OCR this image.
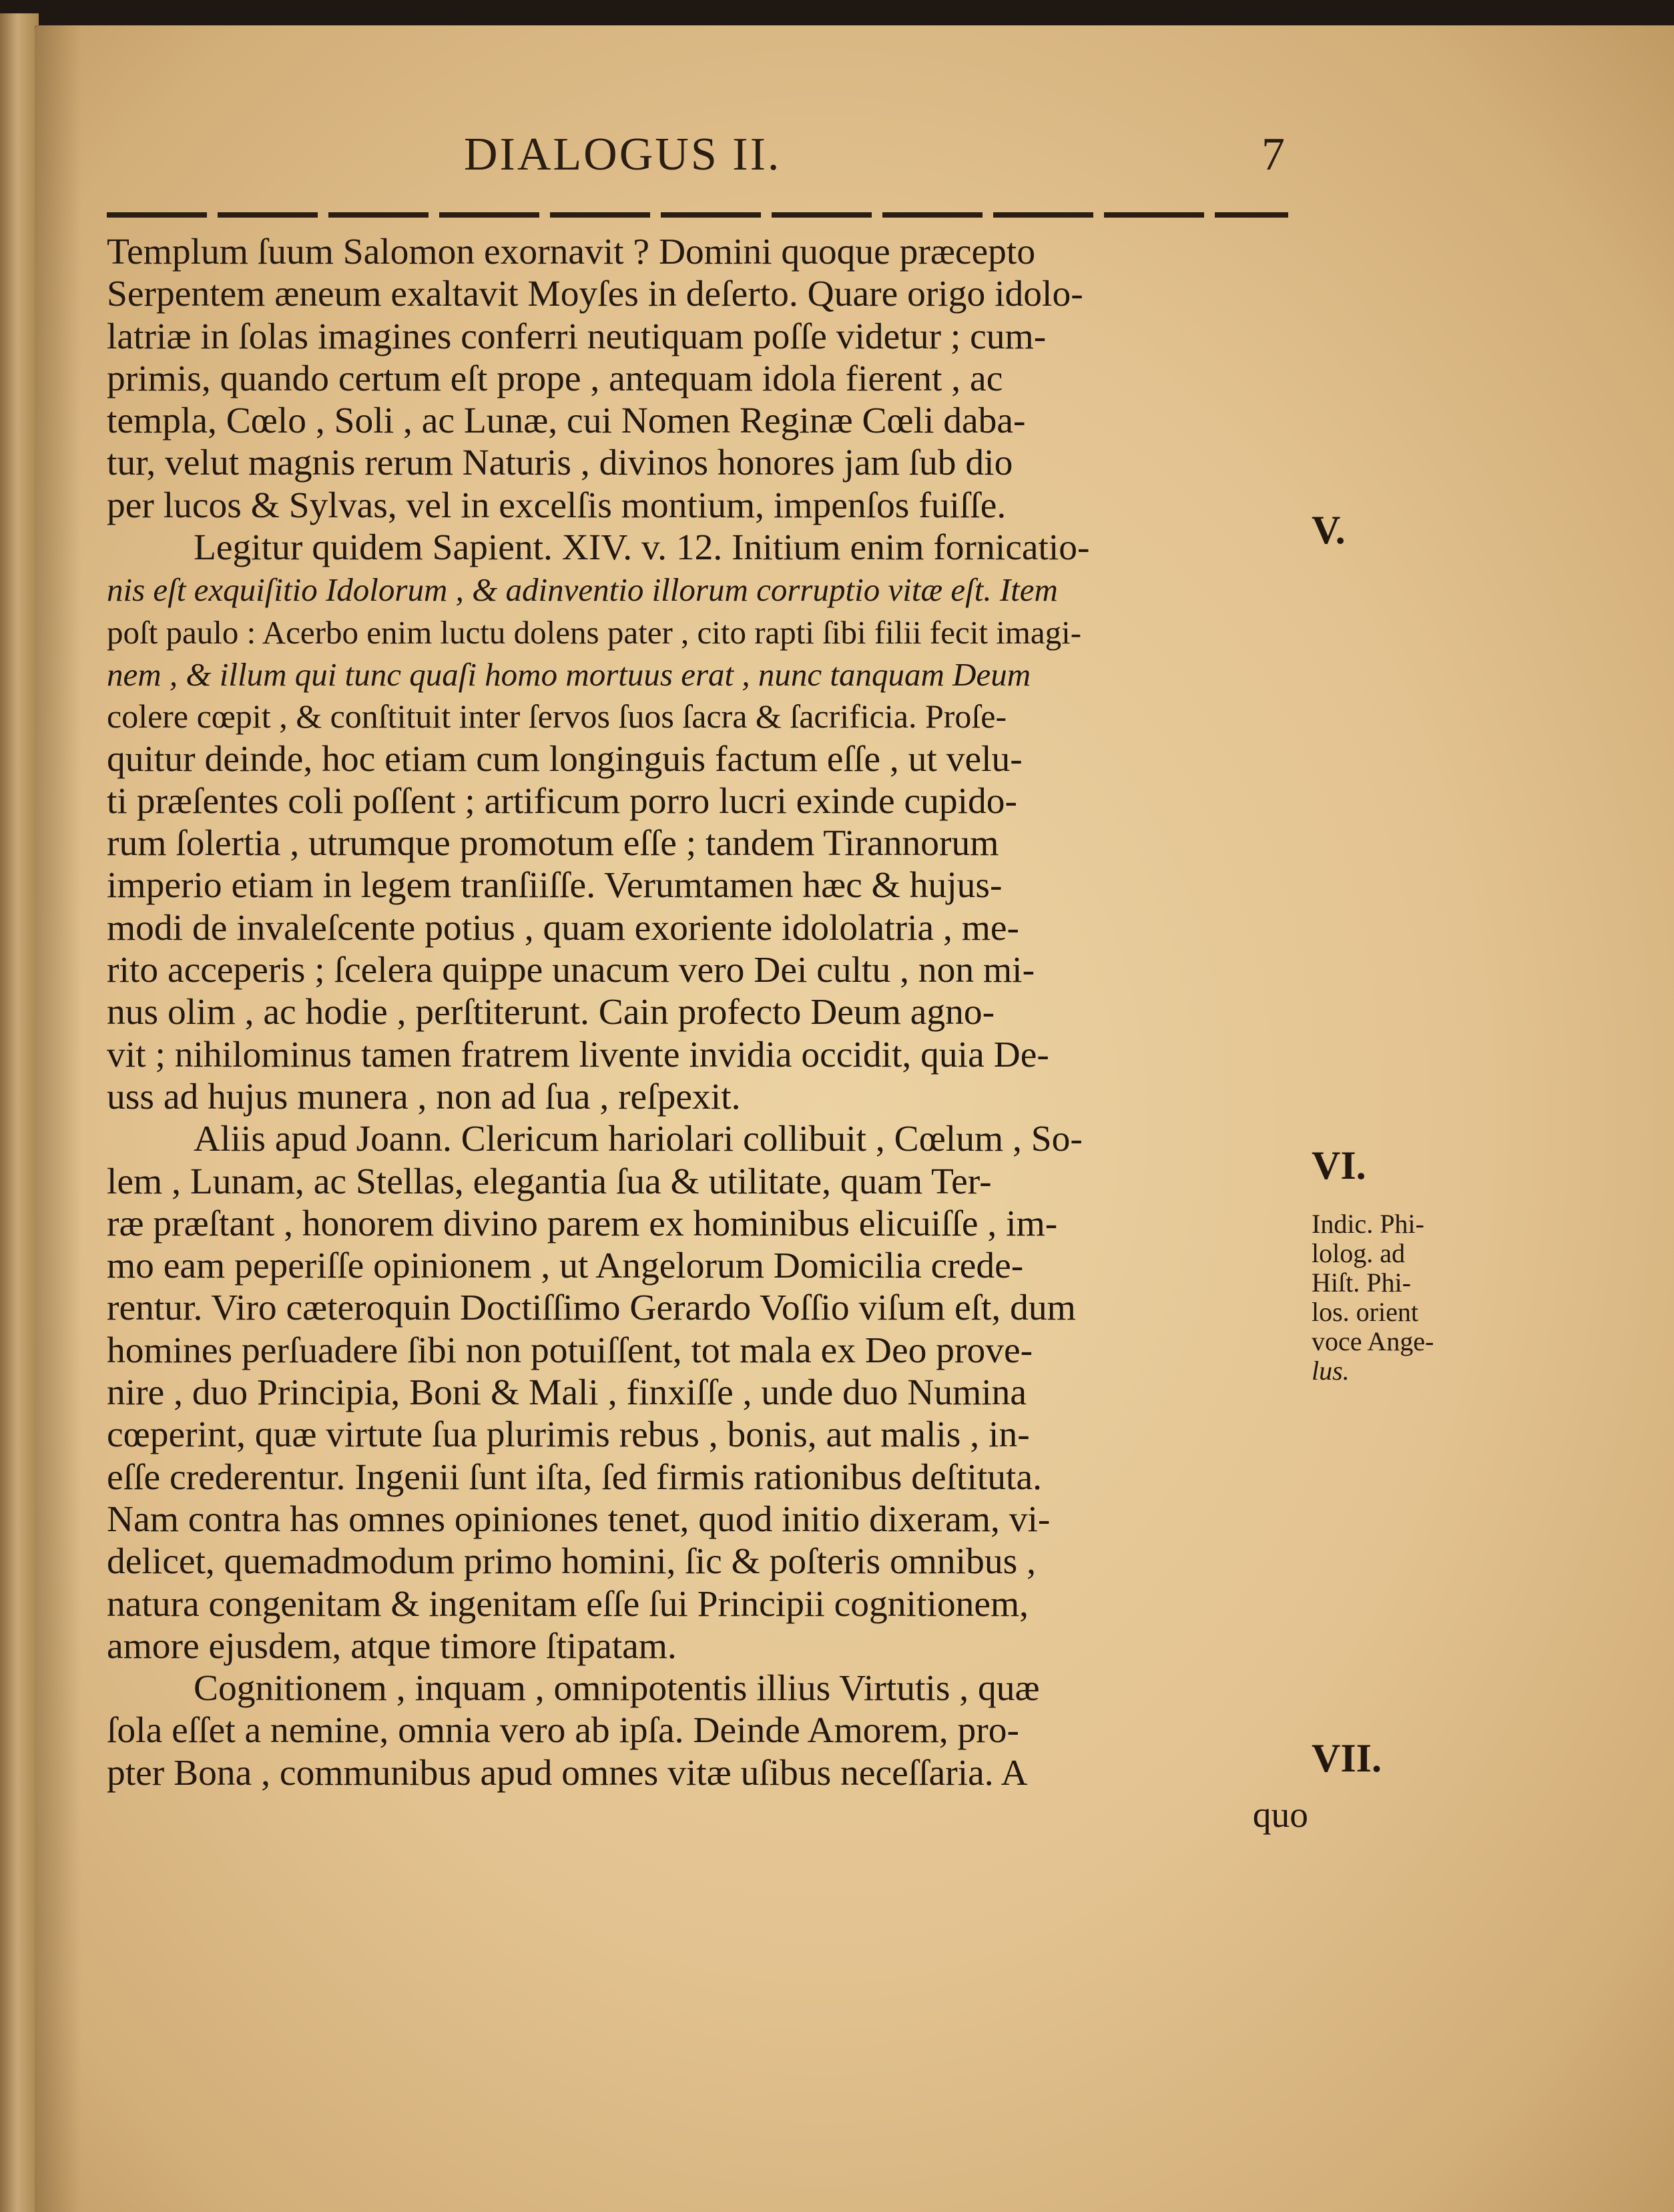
DIALOGUS II.	7
Templum ſuum Salomon exornavit ? Domini quoque præcepto
Serpentem æneum exaltavit Moyſes in deſerto. Quare origo idolo-
latriæ in ſolas imagines conferri neutiquam poſſe videtur ; cum-
primis, quando certum eſt prope , antequam idola fierent , ac
templa, Cœlo , Soli , ac Lunæ, cui Nomen Reginæ Cœli daba-
tur, velut magnis rerum Naturis , divinos honores jam ſub dio
per lucos & Sylvas, vel in excelſis montium, impenſos fuiſſe.
Legitur quidem Sapient. XIV. v. 12. Initium enim fornicatio-
nis eſt exquiſitio Idolorum , & adinventio illorum corruptio vitæ eſt. Item
poſt paulo : Acerbo enim luctu dolens pater , cito rapti ſibi filii fecit imagi-
nem , & illum qui tunc quaſi homo mortuus erat , nunc tanquam Deum
colere cœpit , & conſtituit inter ſervos ſuos ſacra & ſacrificia. Proſe-
quitur deinde, hoc etiam cum longinguis factum eſſe , ut velu-
ti præſentes coli poſſent ; artificum porro lucri exinde cupido-
rum ſolertia , utrumque promotum eſſe ; tandem Tirannorum
imperio etiam in legem tranſiiſſe. Verumtamen hæc & hujus-
modi de invaleſcente potius , quam exoriente idololatria , me-
rito acceperis ; ſcelera quippe unacum vero Dei cultu , non mi-
nus olim , ac hodie , perſtiterunt. Cain profecto Deum agno-
vit ; nihilominus tamen fratrem livente invidia occidit, quia De-
uss ad hujus munera , non ad ſua , reſpexit.
Aliis apud Joann. Clericum hariolari collibuit , Cœlum , So-
lem , Lunam, ac Stellas, elegantia ſua & utilitate, quam Ter-
ræ præſtant , honorem divino parem ex hominibus elicuiſſe , im-
mo eam peperiſſe opinionem , ut Angelorum Domicilia crede-
rentur. Viro cæteroquin Doctiſſimo Gerardo Voſſio viſum eſt, dum
homines perſuadere ſibi non potuiſſent, tot mala ex Deo prove-
nire , duo Principia, Boni & Mali , finxiſſe , unde duo Numina
cœperint, quæ virtute ſua plurimis rebus , bonis, aut malis , in-
eſſe crederentur. Ingenii ſunt iſta, ſed firmis rationibus deſtituta.
Nam contra has omnes opiniones tenet, quod initio dixeram, vi-
delicet, quemadmodum primo homini, ſic & poſteris omnibus ,
natura congenitam & ingenitam eſſe ſui Principii cognitionem,
amore ejusdem, atque timore ſtipatam.
Cognitionem , inquam , omnipotentis illius Virtutis , quæ
ſola eſſet a nemine, omnia vero ab ipſa. Deinde Amorem, pro-
pter Bona , communibus apud omnes vitæ uſibus neceſſaria. A
quo
V.
VI.
VII.
Indic. Phi-
lolog. ad
Hiſt. Phi-
los. orient
voce Ange-
lus.
